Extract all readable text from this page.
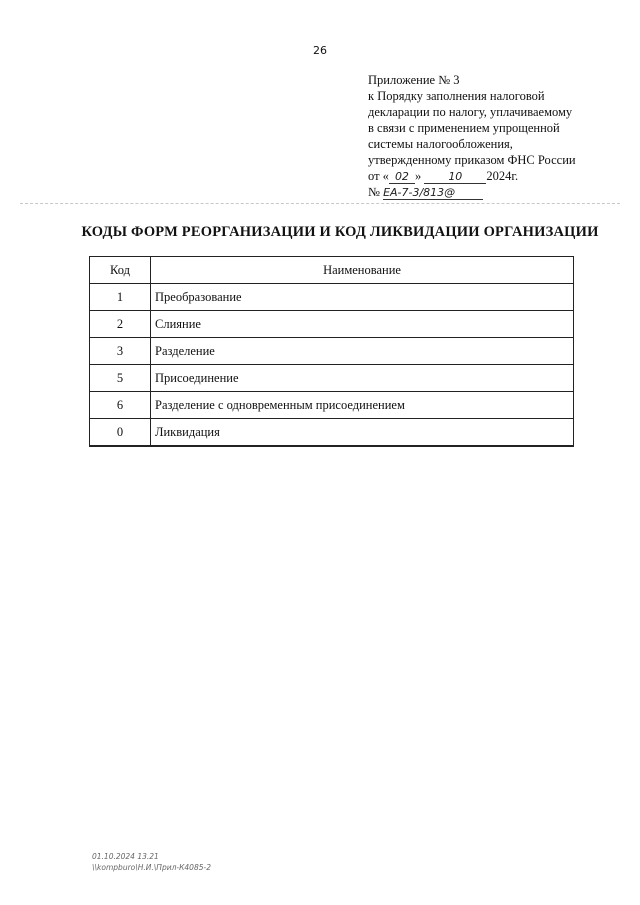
26
Приложение № 3
к Порядку заполнения налоговой
декларации по налогу, уплачиваемому
в связи с применением упрощенной
системы налогообложения,
утвержденному приказом ФНС России
от « 02 » 10 2024г.
№ ЕА-7-3/813@
КОДЫ ФОРМ РЕОРГАНИЗАЦИИ И КОД ЛИКВИДАЦИИ ОРГАНИЗАЦИИ
Код	Наименование
1	Преобразование
2	Слияние
3	Разделение
5	Присоединение
6	Разделение с одновременным присоединением
0	Ликвидация
01.10.2024 13.21
\\kompburo\Н.И.\Прил-К4085-2
